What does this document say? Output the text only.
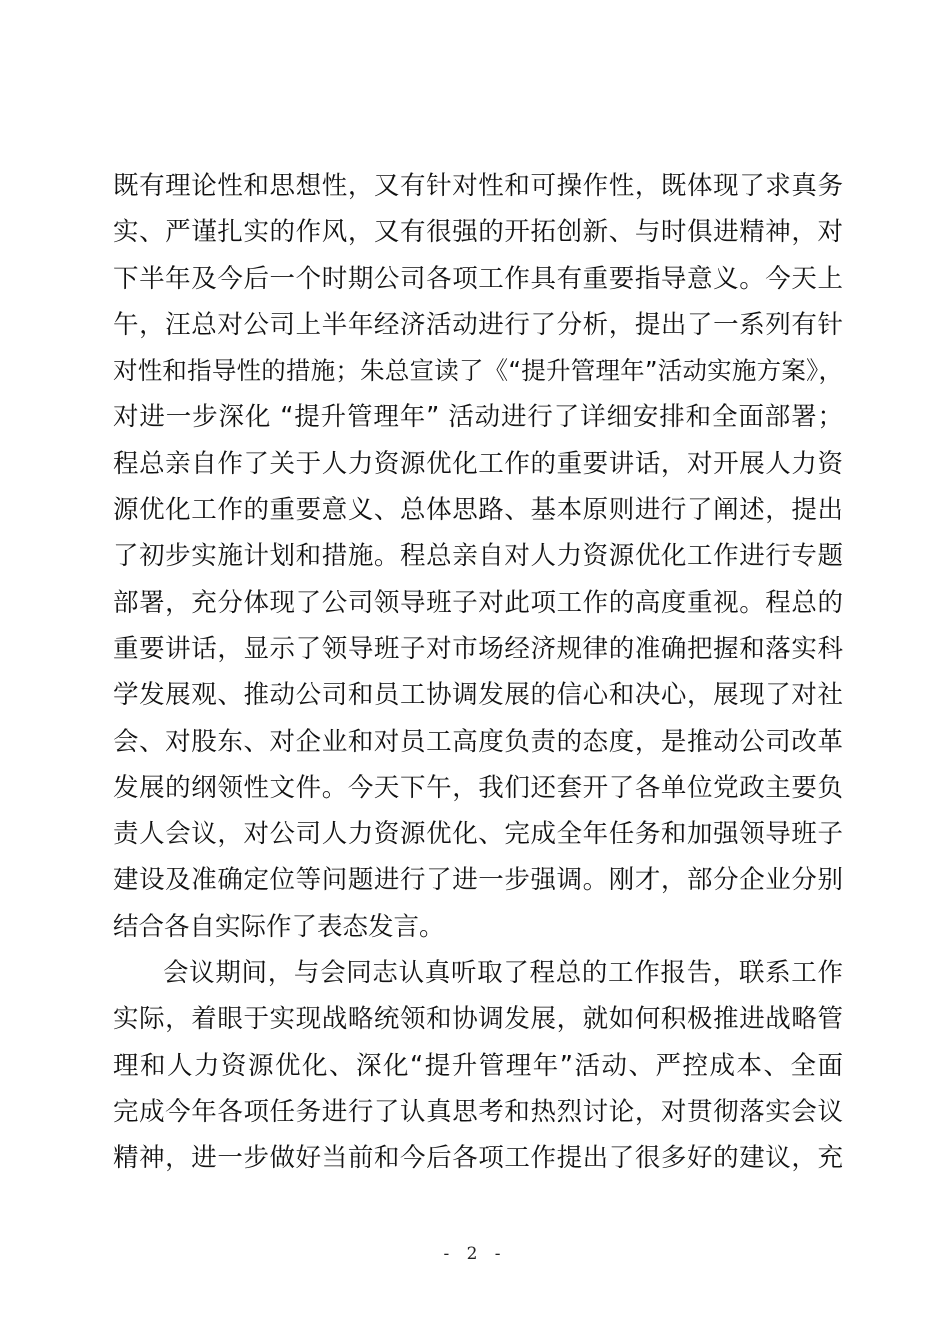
既有理论性和思想性，又有针对性和可操作性，既体现了求真务
实、严谨扎实的作风，又有很强的开拓创新、与时俱进精神，对
下半年及今后一个时期公司各项工作具有重要指导意义。今天上
午，汪总对公司上半年经济活动进行了分析，提出了一系列有针
对性和指导性的措施；朱总宣读了《“提升管理年”活动实施方案》，
对进一步深化 “提升管理年” 活动进行了详细安排和全面部署；
程总亲自作了关于人力资源优化工作的重要讲话，对开展人力资
源优化工作的重要意义、总体思路、基本原则进行了阐述，提出
了初步实施计划和措施。程总亲自对人力资源优化工作进行专题
部署，充分体现了公司领导班子对此项工作的高度重视。程总的
重要讲话，显示了领导班子对市场经济规律的准确把握和落实科
学发展观、推动公司和员工协调发展的信心和决心，展现了对社
会、对股东、对企业和对员工高度负责的态度，是推动公司改革
发展的纲领性文件。今天下午，我们还套开了各单位党政主要负
责人会议，对公司人力资源优化、完成全年任务和加强领导班子
建设及准确定位等问题进行了进一步强调。刚才，部分企业分别
结合各自实际作了表态发言。
会议期间，与会同志认真听取了程总的工作报告，联系工作
实际，着眼于实现战略统领和协调发展，就如何积极推进战略管
理和人力资源优化、深化“提升管理年”活动、严控成本、全面
完成今年各项任务进行了认真思考和热烈讨论，对贯彻落实会议
精神，进一步做好当前和今后各项工作提出了很多好的建议，充
- 2 -
